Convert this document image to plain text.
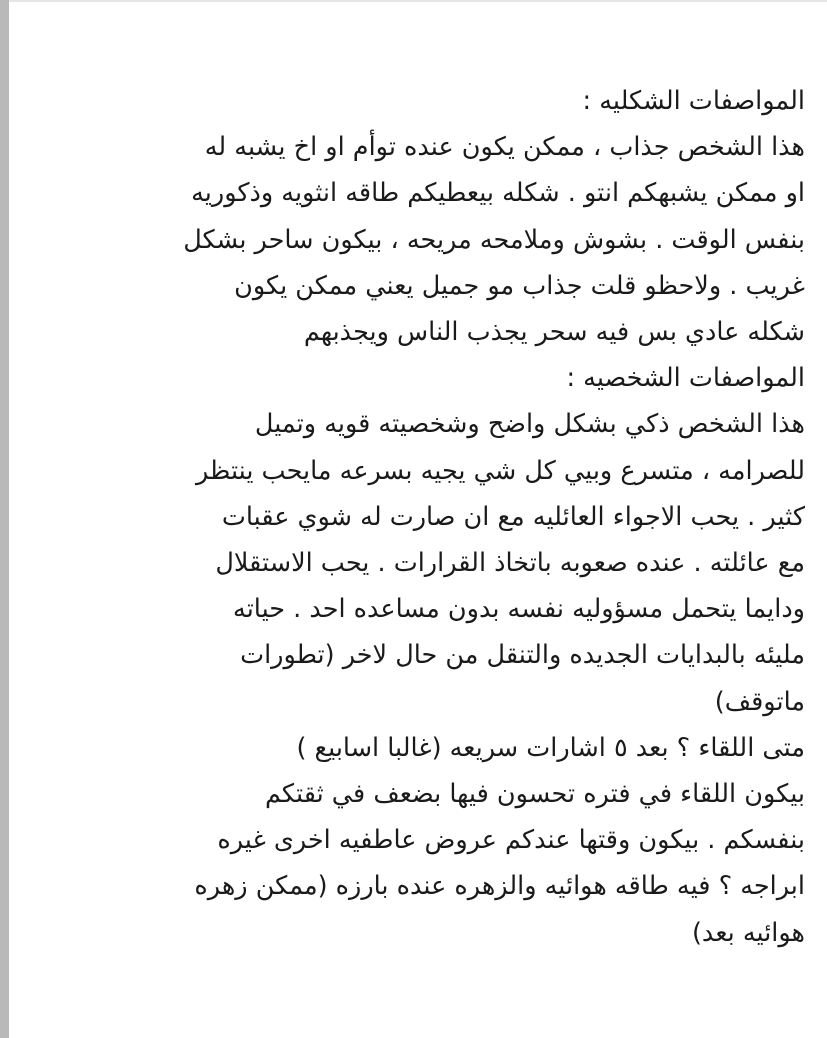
المواصفات الشكليه :
هذا الشخص جذاب ، ممكن يكون عنده توأم او اخ يشبه له
او ممكن يشبهكم انتو . شكله بيعطيكم طاقه انثويه وذكوريه
بنفس الوقت . بشوش وملامحه مريحه ، بيكون ساحر بشكل
غريب . ولاحظو قلت جذاب مو جميل يعني ممكن يكون
شكله عادي بس فيه سحر يجذب الناس ويجذبهم
المواصفات الشخصيه :
هذا الشخص ذكي بشكل واضح وشخصيته قويه وتميل
للصرامه ، متسرع وبيي كل شي يجيه بسرعه مايحب ينتظر
كثير . يحب الاجواء العائليه مع ان صارت له شوي عقبات
مع عائلته . عنده صعوبه باتخاذ القرارات . يحب الاستقلال
ودايما يتحمل مسؤوليه نفسه بدون مساعده احد . حياته
مليئه بالبدايات الجديده والتنقل من حال لاخر (تطورات
ماتوقف)
متى اللقاء ؟ بعد ٥ اشارات سريعه (غالبا اسابيع )
بيكون اللقاء في فتره تحسون فيها بضعف في ثقتكم
بنفسكم . بيكون وقتها عندكم عروض عاطفيه اخرى غيره
ابراجه ؟ فيه طاقه هوائيه والزهره عنده بارزه (ممكن زهره
هوائيه بعد)
